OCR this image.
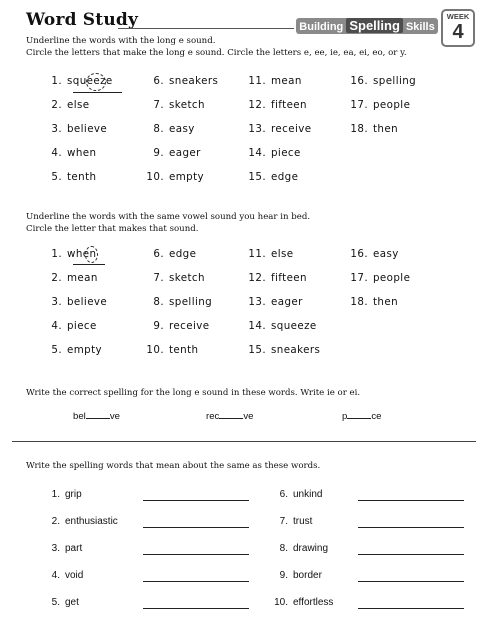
Word Study	Building Spelling Skills
WEEK
4
Underline the words with the long e sound.
Circle the letters that make the long e sound. Circle the letters e, ee, ie, ea, ei, eo, or y.
1. squeeze
2. else
3. believe
4. when
5. tenth
6. sneakers
7. sketch
8. easy
9. eager
10. empty
11. mean
12. fifteen
13. receive
14. piece
15. edge
16. spelling
17. people
18. then
Underline the words with the same vowel sound you hear in bed.
Circle the letter that makes that sound.
1. when
2. mean
3. believe
4. piece
5. empty
6. edge
7. sketch
8. spelling
9. receive
10. tenth
11. else
12. fifteen
13. eager
14. squeeze
15. sneakers
16. easy
17. people
18. then
Write the correct spelling for the long e sound in these words. Write ie or ei.
bel	ve	rec	ve	p	ce
Write the spelling words that mean about the same as these words.
1. grip
2. enthusiastic
3. part
4. void
5. get
6. unkind
7. trust
8. drawing
9. border
10. effortless
